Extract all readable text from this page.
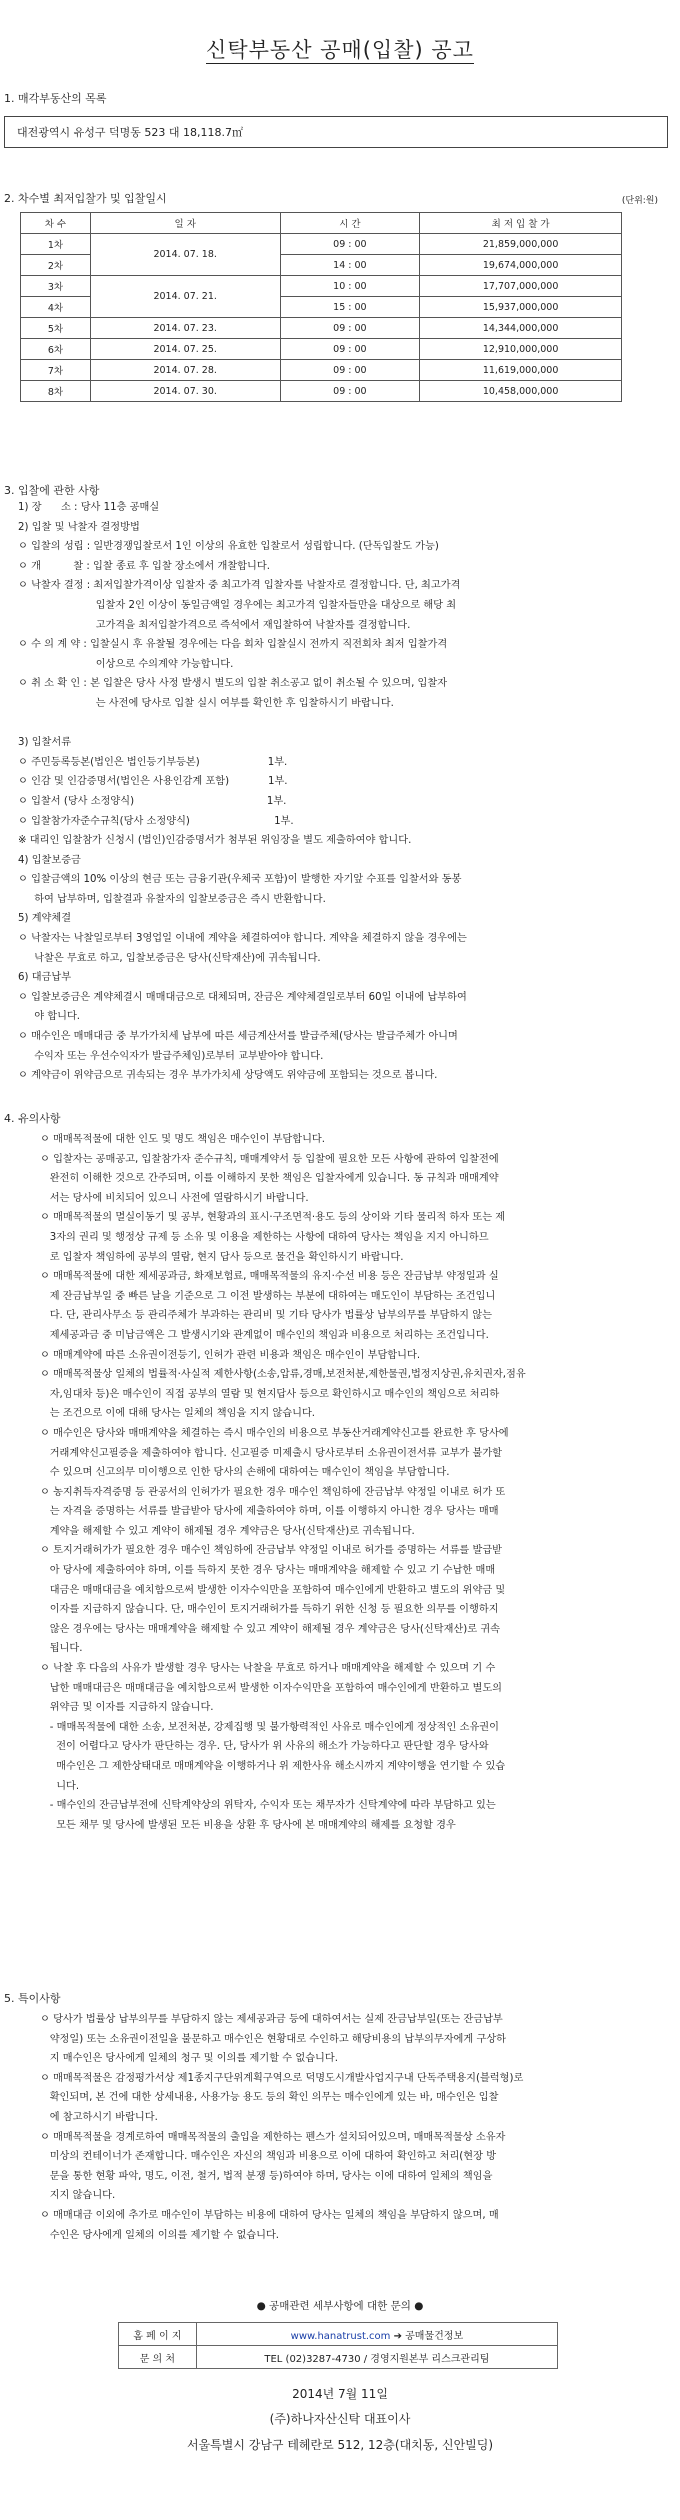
신탁부동산 공매(입찰) 공고
1. 매각부동산의 목록
대전광역시 유성구 덕명동 523 대 18,118.7㎡
2. 차수별 최저입찰가 및 입찰일시	(단위:원)
차 수	일 자	시 간	최 저 입 찰 가
1차	2014. 07. 18.	09 : 00	21,859,000,000
2차		14 : 00	19,674,000,000
3차	2014. 07. 21.	10 : 00	17,707,000,000
4차		15 : 00	15,937,000,000
5차	2014. 07. 23.	09 : 00	14,344,000,000
6차	2014. 07. 25.	09 : 00	12,910,000,000
7차	2014. 07. 28.	09 : 00	11,619,000,000
8차	2014. 07. 30.	09 : 00	10,458,000,000
3. 입찰에 관한 사항
1) 장      소 : 당사 11층 공매실
2) 입찰 및 낙찰자 결정방법
ㅇ 입찰의 성립 : 일반경쟁입찰로서 1인 이상의 유효한 입찰로서 성립합니다. (단독입찰도 가능)
ㅇ 개          찰 : 입찰 종료 후 입찰 장소에서 개찰합니다.
ㅇ 낙찰자 결정 : 최저입찰가격이상 입찰자 중 최고가격 입찰자를 낙찰자로 결정합니다. 단, 최고가격
입찰자 2인 이상이 동일금액일 경우에는 최고가격 입찰자들만을 대상으로 해당 최
고가격을 최저입찰가격으로 즉석에서 재입찰하여 낙찰자를 결정합니다.
ㅇ 수 의 계 약 : 입찰실시 후 유찰될 경우에는 다음 회차 입찰실시 전까지 직전회차 최저 입찰가격
이상으로 수의계약 가능합니다.
ㅇ 취 소 확 인 : 본 입찰은 당사 사정 발생시 별도의 입찰 취소공고 없이 취소될 수 있으며, 입찰자
는 사전에 당사로 입찰 실시 여부를 확인한 후 입찰하시기 바랍니다.
3) 입찰서류
ㅇ 주민등록등본(법인은 법인등기부등본)                     1부.
ㅇ 인감 및 인감증명서(법인은 사용인감계 포함)            1부.
ㅇ 입찰서 (당사 소정양식)                                         1부.
ㅇ 입찰참가자준수규칙(당사 소정양식)                          1부.
※ 대리인 입찰참가 신청시 (법인)인감증명서가 첨부된 위임장을 별도 제출하여야 합니다.
4) 입찰보증금
ㅇ 입찰금액의 10% 이상의 현금 또는 금융기관(우체국 포함)이 발행한 자기앞 수표를 입찰서와 동봉
하여 납부하며, 입찰결과 유찰자의 입찰보증금은 즉시 반환합니다.
5) 계약체결
ㅇ 낙찰자는 낙찰일로부터 3영업일 이내에 계약을 체결하여야 합니다. 계약을 체결하지 않을 경우에는
낙찰은 무효로 하고, 입찰보증금은 당사(신탁재산)에 귀속됩니다.
6) 대금납부
ㅇ 입찰보증금은 계약체결시 매매대금으로 대체되며, 잔금은 계약체결일로부터 60일 이내에 납부하여
야 합니다.
ㅇ 매수인은 매매대금 중 부가가치세 납부에 따른 세금계산서를 발급주체(당사는 발급주체가 아니며
수익자 또는 우선수익자가 발급주체임)로부터 교부받아야 합니다.
ㅇ 계약금이 위약금으로 귀속되는 경우 부가가치세 상당액도 위약금에 포함되는 것으로 봅니다.
4. 유의사항
ㅇ 매매목적물에 대한 인도 및 명도 책임은 매수인이 부담합니다.
ㅇ 입찰자는 공매공고, 입찰참가자 준수규칙, 매매계약서 등 입찰에 필요한 모든 사항에 관하여 입찰전에
완전히 이해한 것으로 간주되며, 이를 이해하지 못한 책임은 입찰자에게 있습니다. 동 규칙과 매매계약
서는 당사에 비치되어 있으니 사전에 열람하시기 바랍니다.
ㅇ 매매목적물의 멸실이동기 및 공부, 현황과의 표시·구조면적·용도 등의 상이와 기타 물리적 하자 또는 제
3자의 권리 및 행정상 규제 등 소유 및 이용을 제한하는 사항에 대하여 당사는 책임을 지지 아니하므
로 입찰자 책임하에 공부의 열람, 현지 답사 등으로 물건을 확인하시기 바랍니다.
ㅇ 매매목적물에 대한 제세공과금, 화재보험료, 매매목적물의 유지·수선 비용 등은 잔금납부 약정일과 실
제 잔금납부일 중 빠른 날을 기준으로 그 이전 발생하는 부분에 대하여는 매도인이 부담하는 조건입니
다. 단, 관리사무소 등 관리주체가 부과하는 관리비 및 기타 당사가 법률상 납부의무를 부담하지 않는
제세공과금 중 미납금액은 그 발생시기와 관계없이 매수인의 책임과 비용으로 처리하는 조건입니다.
ㅇ 매매계약에 따른 소유권이전등기, 인허가 관련 비용과 책임은 매수인이 부담합니다.
ㅇ 매매목적물상 일체의 법률적·사실적 제한사항(소송,압류,경매,보전처분,제한물권,법정지상권,유치권자,점유
자,임대차 등)은 매수인이 직접 공부의 열람 및 현지답사 등으로 확인하시고 매수인의 책임으로 처리하
는 조건으로 이에 대해 당사는 일체의 책임을 지지 않습니다.
ㅇ 매수인은 당사와 매매계약을 체결하는 즉시 매수인의 비용으로 부동산거래계약신고를 완료한 후 당사에
거래계약신고필증을 제출하여야 합니다. 신고필증 미제출시 당사로부터 소유권이전서류 교부가 불가할
수 있으며 신고의무 미이행으로 인한 당사의 손해에 대하여는 매수인이 책임을 부담합니다.
ㅇ 농지취득자격증명 등 관공서의 인허가가 필요한 경우 매수인 책임하에 잔금납부 약정일 이내로 허가 또
는 자격을 증명하는 서류를 발급받아 당사에 제출하여야 하며, 이를 이행하지 아니한 경우 당사는 매매
계약을 해제할 수 있고 계약이 해제될 경우 계약금은 당사(신탁재산)로 귀속됩니다.
ㅇ 토지거래허가가 필요한 경우 매수인 책임하에 잔금납부 약정일 이내로 허가를 증명하는 서류를 발급받
아 당사에 제출하여야 하며, 이를 득하지 못한 경우 당사는 매매계약을 해제할 수 있고 기 수납한 매매
대금은 매매대금을 예치함으로써 발생한 이자수익만을 포함하여 매수인에게 반환하고 별도의 위약금 및
이자를 지급하지 않습니다. 단, 매수인이 토지거래허가를 득하기 위한 신청 등 필요한 의무를 이행하지
않은 경우에는 당사는 매매계약을 해제할 수 있고 계약이 해제될 경우 계약금은 당사(신탁재산)로 귀속
됩니다.
ㅇ 낙찰 후 다음의 사유가 발생할 경우 당사는 낙찰을 무효로 하거나 매매계약을 해제할 수 있으며 기 수
납한 매매대금은 매매대금을 예치함으로써 발생한 이자수익만을 포함하여 매수인에게 반환하고 별도의
위약금 및 이자를 지급하지 않습니다.
- 매매목적물에 대한 소송, 보전처분, 강제집행 및 불가항력적인 사유로 매수인에게 정상적인 소유권이
전이 어렵다고 당사가 판단하는 경우. 단, 당사가 위 사유의 해소가 가능하다고 판단할 경우 당사와
매수인은 그 제한상태대로 매매계약을 이행하거나 위 제한사유 해소시까지 계약이행을 연기할 수 있습
니다.
- 매수인의 잔금납부전에 신탁계약상의 위탁자, 수익자 또는 채무자가 신탁계약에 따라 부담하고 있는
모든 채무 및 당사에 발생된 모든 비용을 상환 후 당사에 본 매매계약의 해제를 요청할 경우
5. 특이사항
ㅇ 당사가 법률상 납부의무를 부담하지 않는 제세공과금 등에 대하여서는 실제 잔금납부일(또는 잔금납부
약정일) 또는 소유권이전일을 불문하고 매수인은 현황대로 수인하고 해당비용의 납부의무자에게 구상하
지 매수인은 당사에게 일체의 청구 및 이의를 제기할 수 없습니다.
ㅇ 매매목적물은 감정평가서상 제1종지구단위계획구역으로 덕명도시개발사업지구내 단독주택용지(블럭형)로
확인되며, 본 건에 대한 상세내용, 사용가능 용도 등의 확인 의무는 매수인에게 있는 바, 매수인은 입찰
에 참고하시기 바랍니다.
ㅇ 매매목적물을 경계로하여 매매목적물의 출입을 제한하는 펜스가 설치되어있으며, 매매목적물상 소유자
미상의 컨테이너가 존재합니다. 매수인은 자신의 책임과 비용으로 이에 대하여 확인하고 처리(현장 방
문을 통한 현황 파악, 명도, 이전, 철거, 법적 분쟁 등)하여야 하며, 당사는 이에 대하여 일체의 책임을
지지 않습니다.
ㅇ 매매대금 이외에 추가로 매수인이 부담하는 비용에 대하여 당사는 일체의 책임을 부담하지 않으며, 매
수인은 당사에게 일체의 이의를 제기할 수 없습니다.
● 공매관련 세부사항에 대한 문의 ●
홈 페 이 지	www.hanatrust.com ➔ 공매물건정보
문 의 처	TEL (02)3287-4730 / 경영지원본부 리스크관리팀
2014년 7월 11일
(주)하나자산신탁 대표이사
서울특별시 강남구 테헤란로 512, 12층(대치동, 신안빌딩)
